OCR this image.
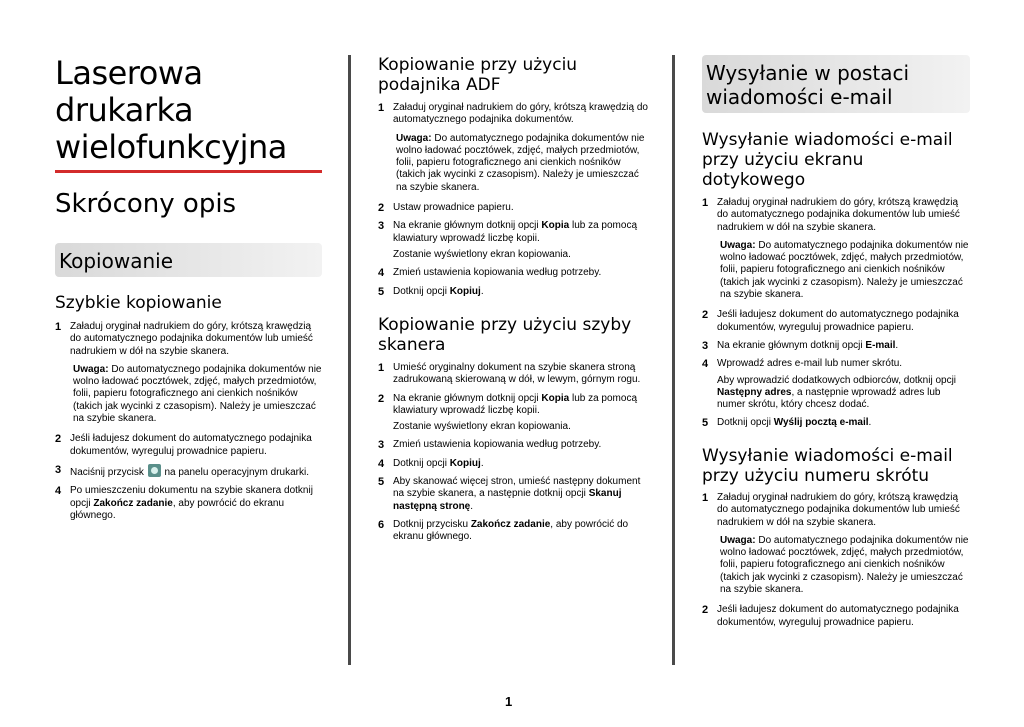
Laserowa drukarka wielofunkcyjna
Skrócony opis
Kopiowanie
Szybkie kopiowanie
1 Załaduj oryginał nadrukiem do góry, krótszą krawędzią do automatycznego podajnika dokumentów lub umieść nadrukiem w dół na szybie skanera.
Uwaga: Do automatycznego podajnika dokumentów nie wolno ładować pocztówek, zdjęć, małych przedmiotów, folii, papieru fotograficznego ani cienkich nośników (takich jak wycinki z czasopism). Należy je umieszczać na szybie skanera.
2 Jeśli ładujesz dokument do automatycznego podajnika dokumentów, wyreguluj prowadnice papieru.
3 Naciśnij przycisk  na panelu operacyjnym drukarki.
4 Po umieszczeniu dokumentu na szybie skanera dotknij opcji Zakończ zadanie, aby powrócić do ekranu głównego.
Kopiowanie przy użyciu podajnika ADF
1 Załaduj oryginał nadrukiem do góry, krótszą krawędzią do automatycznego podajnika dokumentów.
Uwaga: Do automatycznego podajnika dokumentów nie wolno ładować pocztówek, zdjęć, małych przedmiotów, folii, papieru fotograficznego ani cienkich nośników (takich jak wycinki z czasopism). Należy je umieszczać na szybie skanera.
2 Ustaw prowadnice papieru.
3 Na ekranie głównym dotknij opcji Kopia lub za pomocą klawiatury wprowadź liczbę kopii.
Zostanie wyświetlony ekran kopiowania.
4 Zmień ustawienia kopiowania według potrzeby.
5 Dotknij opcji Kopiuj.
Kopiowanie przy użyciu szyby skanera
1 Umieść oryginalny dokument na szybie skanera stroną zadrukowaną skierowaną w dół, w lewym, górnym rogu.
2 Na ekranie głównym dotknij opcji Kopia lub za pomocą klawiatury wprowadź liczbę kopii.
Zostanie wyświetlony ekran kopiowania.
3 Zmień ustawienia kopiowania według potrzeby.
4 Dotknij opcji Kopiuj.
5 Aby skanować więcej stron, umieść następny dokument na szybie skanera, a następnie dotknij opcji Skanuj następną stronę.
6 Dotknij przycisku Zakończ zadanie, aby powrócić do ekranu głównego.
Wysyłanie w postaci wiadomości e-mail
Wysyłanie wiadomości e-mail przy użyciu ekranu dotykowego
1 Załaduj oryginał nadrukiem do góry, krótszą krawędzią do automatycznego podajnika dokumentów lub umieść nadrukiem w dół na szybie skanera.
Uwaga: Do automatycznego podajnika dokumentów nie wolno ładować pocztówek, zdjęć, małych przedmiotów, folii, papieru fotograficznego ani cienkich nośników (takich jak wycinki z czasopism). Należy je umieszczać na szybie skanera.
2 Jeśli ładujesz dokument do automatycznego podajnika dokumentów, wyreguluj prowadnice papieru.
3 Na ekranie głównym dotknij opcji E-mail.
4 Wprowadź adres e-mail lub numer skrótu.
Aby wprowadzić dodatkowych odbiorców, dotknij opcji Następny adres, a następnie wprowadź adres lub numer skrótu, który chcesz dodać.
5 Dotknij opcji Wyślij pocztą e-mail.
Wysyłanie wiadomości e-mail przy użyciu numeru skrótu
1 Załaduj oryginał nadrukiem do góry, krótszą krawędzią do automatycznego podajnika dokumentów lub umieść nadrukiem w dół na szybie skanera.
Uwaga: Do automatycznego podajnika dokumentów nie wolno ładować pocztówek, zdjęć, małych przedmiotów, folii, papieru fotograficznego ani cienkich nośników (takich jak wycinki z czasopism). Należy je umieszczać na szybie skanera.
2 Jeśli ładujesz dokument do automatycznego podajnika dokumentów, wyreguluj prowadnice papieru.
1
